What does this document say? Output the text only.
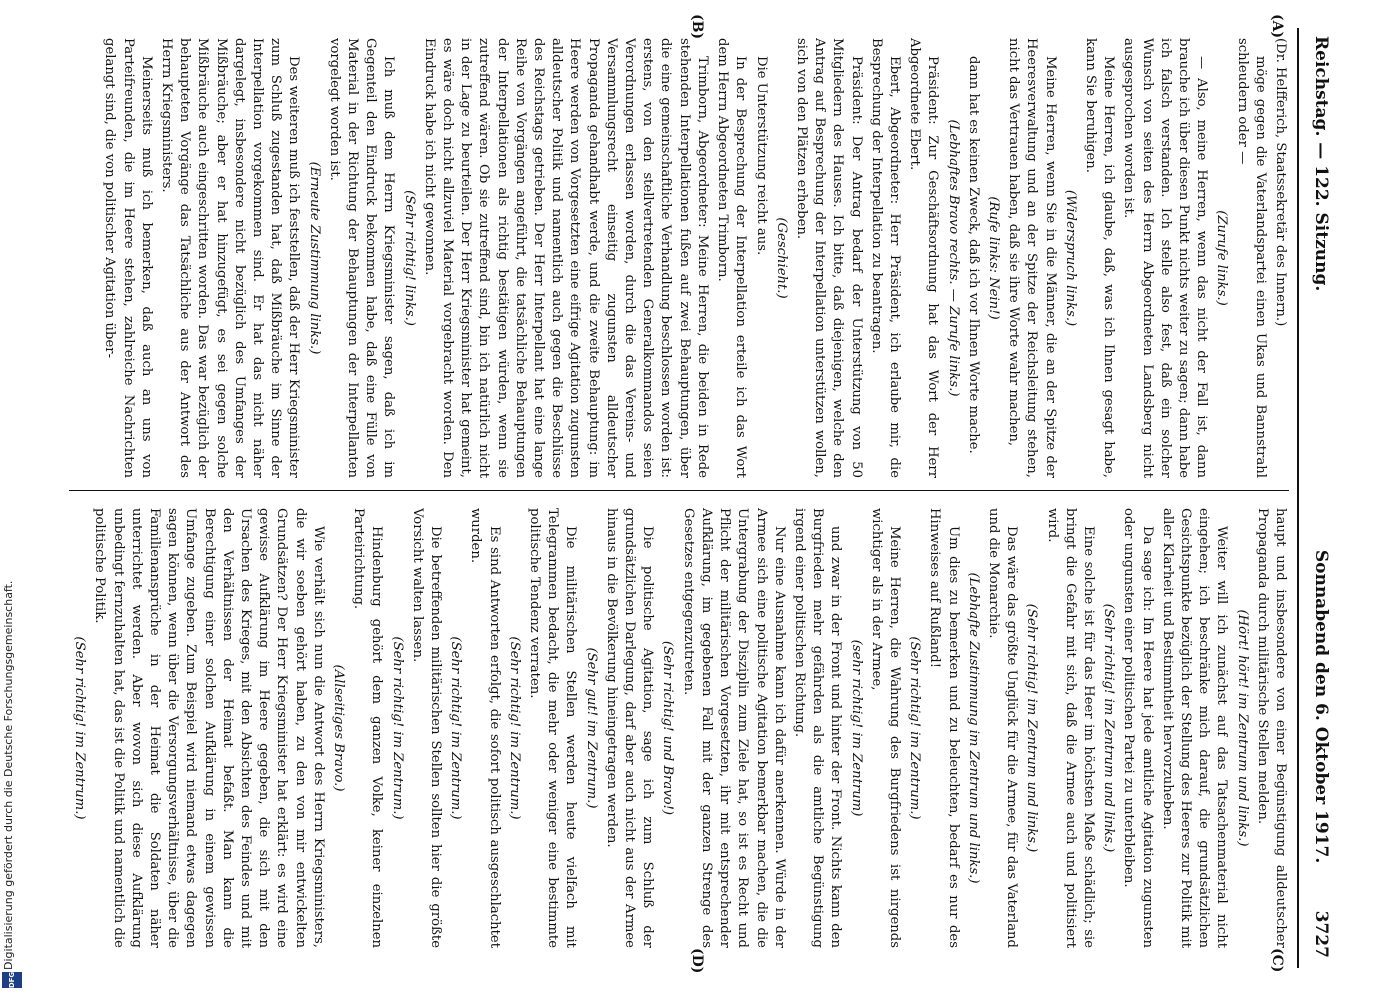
Digitalisierung gefördert durch die Deutsche Forschungsgemeinschaft.
DFG
Reichstag. — 122. Sitzung.
Sonnabend den 6. Oktober 1917.        3727
(A)
(B)
(C)
(D)

(Dr. Helfferich, Staatssekretär des Innern.)

möge gegen die Vaterlandspartei einen Ukas und Bannstrahl schleudern oder —

(Zurufe links.)

— Also, meine Herren, wenn das nicht der Fall ist, dann brauche ich über diesen Punkt nichts weiter zu sagen; dann habe ich falsch verstanden. Ich stelle also fest, daß ein solcher Wunsch von seiten des Herrn Abgeordneten Landsberg nicht ausgesprochen worden ist.

Meine Herren, ich glaube, daß, was ich Ihnen gesagt habe, kann Sie beruhigen.

(Widerspruch links.)

Meine Herren, wenn Sie in die Männer, die an der Spitze der Heeresverwaltung und an der Spitze der Reichsleitung stehen, nicht das Vertrauen haben, daß sie ihre Worte wahr machen,

(Rufe links: Nein!)

dann hat es keinen Zweck, daß ich vor Ihnen Worte mache.

(Lebhaftes Bravo rechts. — Zurufe links.)

Präsident: Zur Geschäftsordnung hat das Wort der Herr Abgeordnete Ebert.

Ebert, Abgeordneter: Herr Präsident, ich erlaube mir, die Besprechung der Interpellation zu beantragen.

Präsident: Der Antrag bedarf der Unterstützung von 50 Mitgliedern des Hauses. Ich bitte, daß diejenigen, welche den Antrag auf Besprechung der Interpellation unterstützen wollen, sich von den Plätzen erheben.

(Geschieht.)

Die Unterstützung reicht aus.

In der Besprechung der Interpellation erteile ich das Wort dem Herrn Abgeordneten Trimborn.

Trimborn, Abgeordneter: Meine Herren, die beiden in Rede stehenden Interpellationen fußen auf zwei Behauptungen, über die eine gemeinschaftliche Verhandlung beschlossen worden ist: erstens, von den stellvertretenden Generalkommandos seien Verordnungen erlassen worden, durch die das Vereins- und Versammlungsrecht einseitig zugunsten alldeutscher Propaganda gehandhabt werde, und die zweite Behauptung: im Heere werden von Vorgesetzten eine eifrige Agitation zugunsten alldeutscher Politik und namentlich auch gegen die Beschlüsse des Reichstags getrieben. Der Herr Interpellant hat eine lange Reihe von Vorgängen angeführt, die tatsächliche Behauptungen der Interpellationen als richtig bestätigen würden, wenn sie zutreffend wären. Ob sie zutreffend sind, bin ich natürlich nicht in der Lage zu beurteilen. Der Herr Kriegsminister hat gemeint, es wäre doch nicht allzuviel Material vorgebracht worden. Den Eindruck habe ich nicht gewonnen.

(Sehr richtig! links.)

Ich muß dem Herrn Kriegsminister sagen, daß ich im Gegenteil den Eindruck bekommen habe, daß eine Fülle von Material in der Richtung der Behauptungen der Interpellanten vorgelegt worden ist.

(Erneute Zustimmung links.)

Des weiteren muß ich feststellen, daß der Herr Kriegsminister zum Schluß zugestanden hat, daß Mißbräuche im Sinne der Interpellation vorgekommen sind. Er hat das nicht näher dargelegt, insbesondere nicht bezüglich des Umfanges der Mißbräuche; aber er hat hinzugefügt, es sei gegen solche Mißbräuche auch eingeschritten worden. Das war bezüglich der behaupteten Vorgänge das Tatsächliche aus der Antwort des Herrn Kriegsministers.

Meinerseits muß ich bemerken, daß auch an uns von Parteifreunden, die im Heere stehen, zahlreiche Nachrichten gelangt sind, die von politischer Agitation über-

haupt und insbesondere von einer Begünstigung alldeutscher Propaganda durch militärische Stellen melden.

(Hört! hört! im Zentrum und links.)

Weiter will ich zunächst auf das Tatsachenmaterial nicht eingehen; ich beschränke mich darauf, die grundsätzlichen Gesichtspunkte bezüglich der Stellung des Heeres zur Politik mit aller Klarheit und Bestimmtheit hervorzuheben.

Da sage ich: Im Heere hat jede amtliche Agitation zugunsten oder ungunsten einer politischen Partei zu unterbleiben.

(Sehr richtig! im Zentrum und links.)

Eine solche ist für das Heer im höchsten Maße schädlich; sie bringt die Gefahr mit sich, daß die Armee auch und politisiert wird.

(Sehr richtig! im Zentrum und links.)

Das wäre das größte Unglück für die Armee, für das Vaterland und die Monarchie.

(Lebhafte Zustimmung im Zentrum und links.)

Um dies zu bemerken und zu beleuchten, bedarf es nur des Hinweises auf Rußland!

(Sehr richtig! im Zentrum.)

Meine Herren, die Wahrung des Burgfriedens ist nirgends wichtiger als in der Armee,

(sehr richtig! im Zentrum)

und zwar in der Front und hinter der Front. Nichts kann den Burgfrieden mehr gefährden als die amtliche Begünstigung irgend einer politischen Richtung.

Nur eine Ausnahme kann ich dafür anerkennen. Würde in der Armee sich eine politische Agitation bemerkbar machen, die die Untergrabung der Disziplin zum Ziele hat, so ist es Recht und Pflicht der militärischen Vorgesetzten, ihr mit entsprechender Aufklärung, im gegebenen Fall mit der ganzen Strenge des Gesetzes entgegenzutreten.

(Sehr richtig! und Bravo!)

Die politische Agitation, sage ich zum Schluß der grundsätzlichen Darlegung, darf aber auch nicht aus der Armee hinaus in die Bevölkerung hineingetragen werden.

(Sehr gut! im Zentrum.)

Die militärischen Stellen werden heute vielfach mit Telegrammen bedacht, die mehr oder weniger eine bestimmte politische Tendenz verraten.

(Sehr richtig! im Zentrum.)

Es sind Antworten erfolgt, die sofort politisch ausgeschlachtet wurden.

(Sehr richtig! im Zentrum.)

Die betreffenden militärischen Stellen sollten hier die größte Vorsicht walten lassen.

(Sehr richtig! im Zentrum.)

Hindenburg gehört dem ganzen Volke, keiner einzelnen Parteirichtung.

(Allseitiges Bravo.)

Wie verhält sich nun die Antwort des Herrn Kriegsministers, die wir soeben gehört haben, zu den von mir entwickelten Grundsätzen? Der Herr Kriegsminister hat erklärt: es wird eine gewisse Aufklärung im Heere gegeben, die sich mit den Ursachen des Krieges, mit den Absichten des Feindes und mit den Verhältnissen der Heimat befaßt. Man kann die Berechtigung einer solchen Aufklärung in einem gewissen Umfange zugeben. Zum Beispiel wird niemand etwas dagegen sagen können, wenn über die Versorgungsverhältnisse, über die Familienansprüche in der Heimat die Soldaten näher unterrichtet werden. Aber wovon sich diese Aufklärung unbedingt fernzuhalten hat, das ist die Politik und namentlich die politische Politik.

(Sehr richtig! im Zentrum.)
